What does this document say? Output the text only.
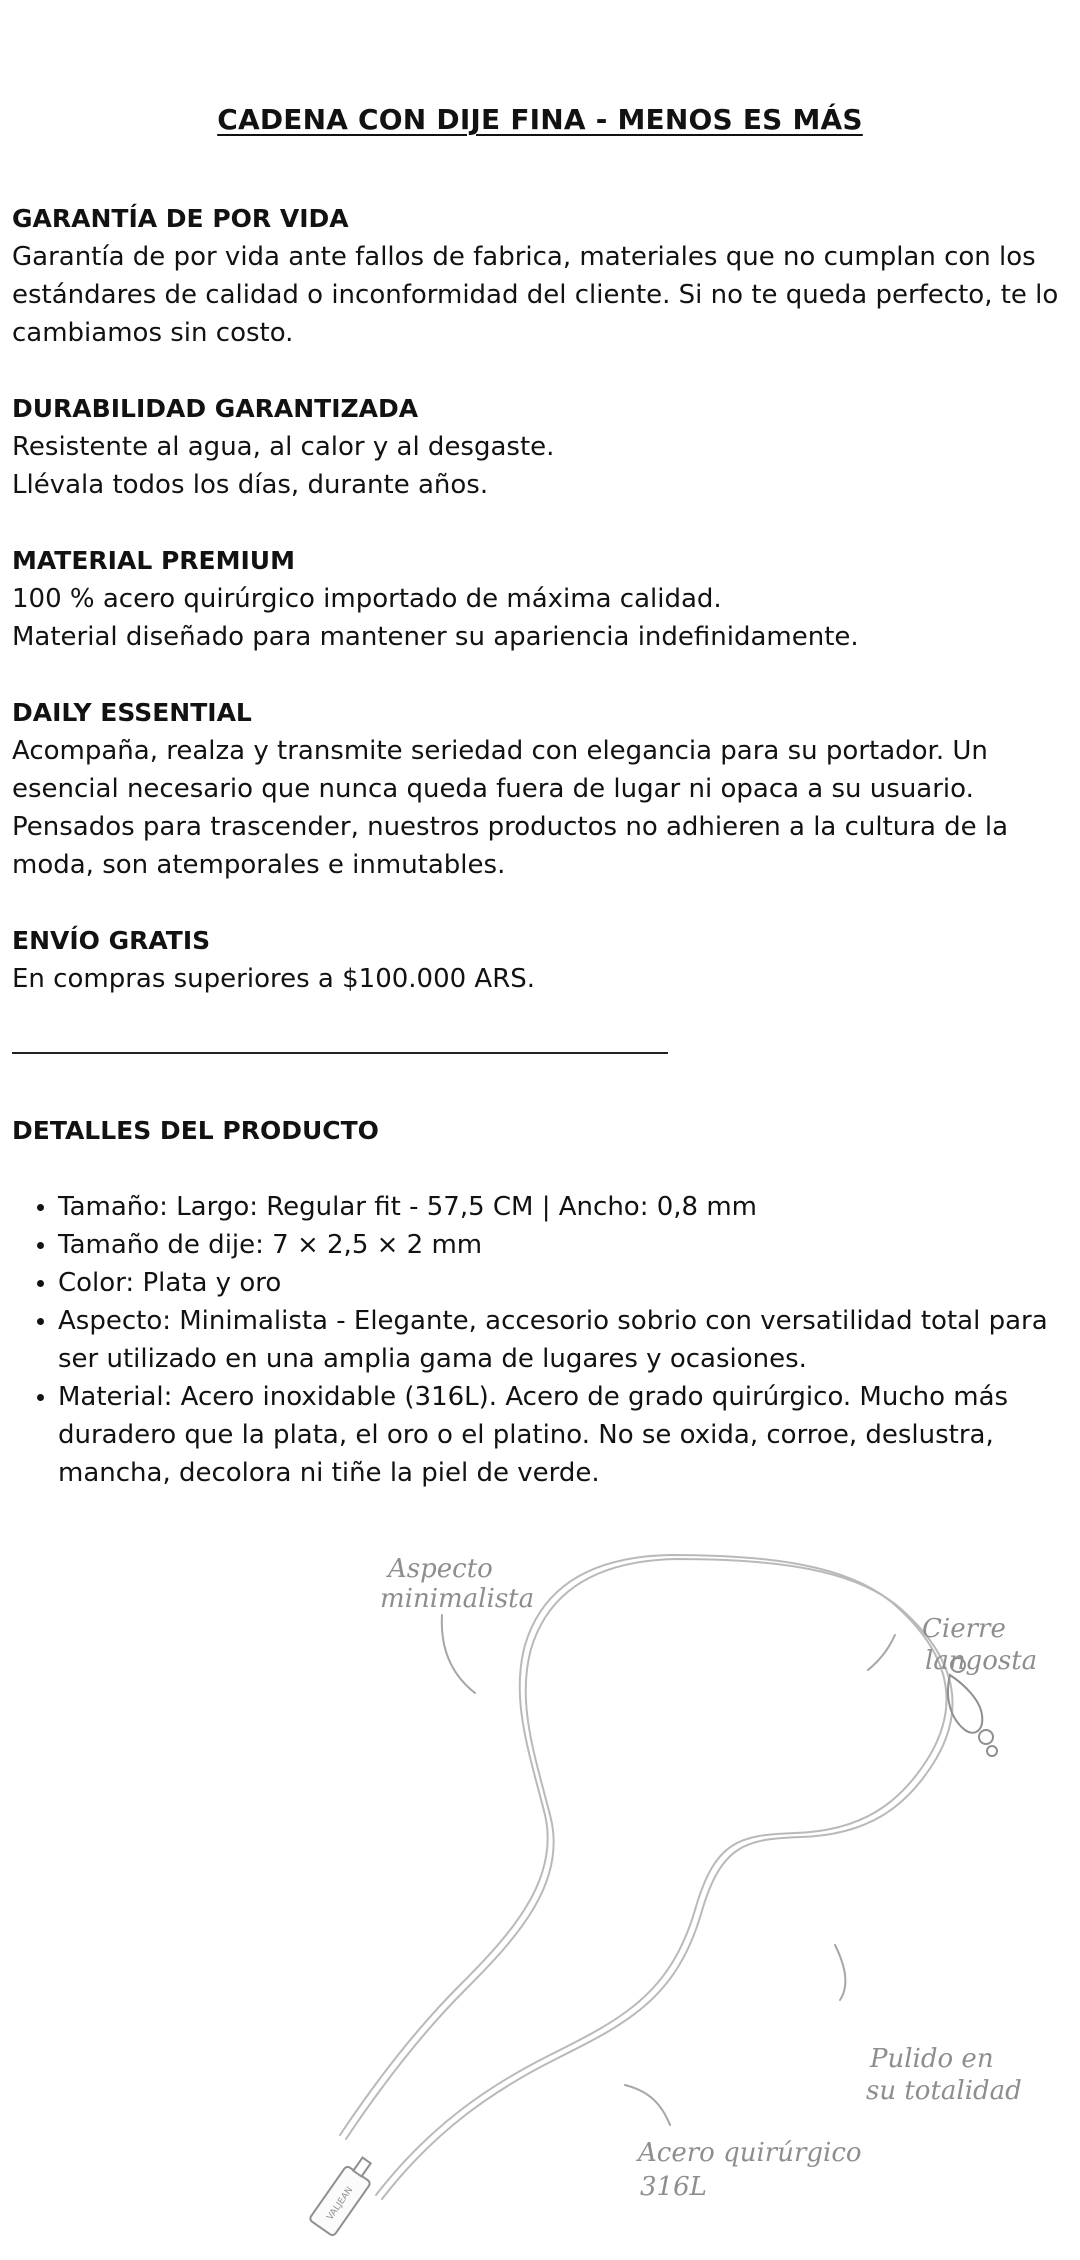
CADENA CON DIJE FINA - MENOS ES MÁS
GARANTÍA DE POR VIDA

Garantía de por vida ante fallos de fabrica, materiales que no cumplan con los estándares de calidad o inconformidad del cliente. Si no te queda perfecto, te lo cambiamos sin costo.

DURABILIDAD GARANTIZADA

Resistente al agua, al calor y al desgaste.

Llévala todos los días, durante años.

MATERIAL PREMIUM

100 % acero quirúrgico importado de máxima calidad.

Material diseñado para mantener su apariencia indefinidamente.

DAILY ESSENTIAL

Acompaña, realza y transmite seriedad con elegancia para su portador. Un esencial necesario que nunca queda fuera de lugar ni opaca a su usuario. Pensados para trascender, nuestros productos no adhieren a la cultura de la moda, son atemporales e inmutables.

ENVÍO GRATIS

En compras superiores a $100.000 ARS.

DETALLES DEL PRODUCTO
Tamaño: Largo: Regular fit - 57,5 CM | Ancho: 0,8 mm
Tamaño de dije: 7 × 2,5 × 2 mm
Color: Plata y oro
Aspecto: Minimalista - Elegante, accesorio sobrio con versatilidad total para ser utilizado en una amplia gama de lugares y ocasiones.
Material: Acero inoxidable (316L). Acero de grado quirúrgico. Mucho más duradero que la plata, el oro o el platino. No se oxida, corroe, deslustra, mancha, decolora ni tiñe la piel de verde.
VALJEAN
Aspecto
minimalista
Cierre
langosta
Pulido en
su totalidad
Acero quirúrgico
316L
